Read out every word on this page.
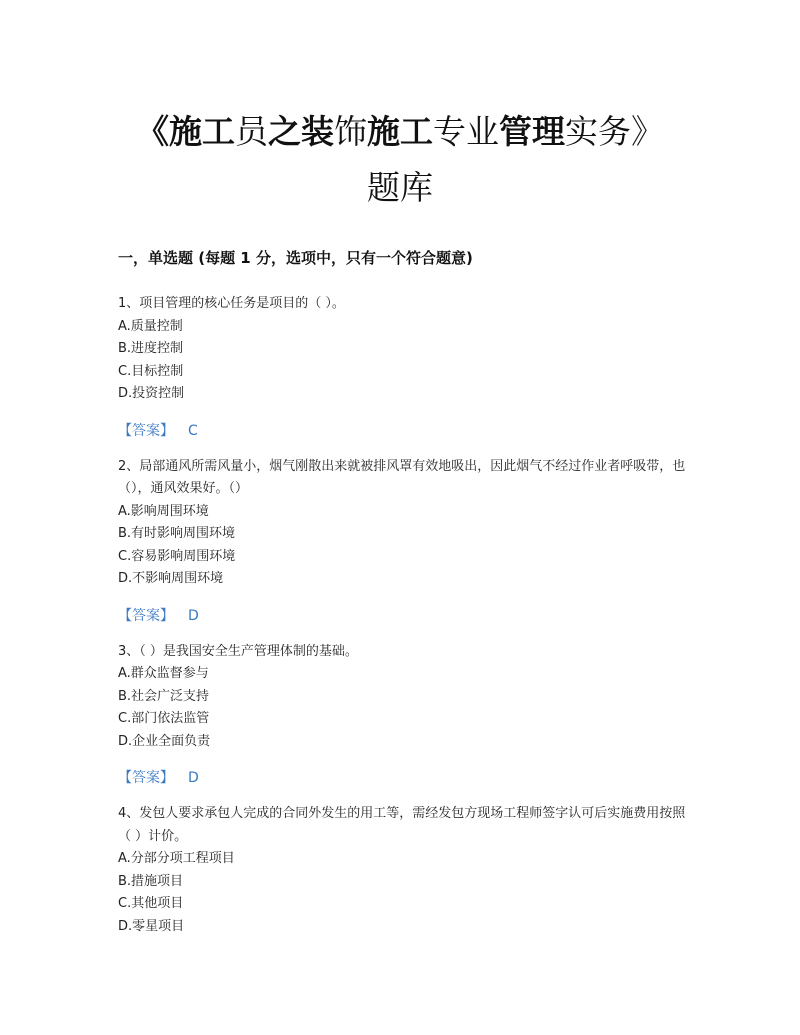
《施工员之装饰施工专业管理实务》
题库
一，单选题 (每题 1 分，选项中，只有一个符合题意)
1、项目管理的核心任务是项目的（ ）。
A.质量控制
B.进度控制
C.目标控制
D.投资控制
【答案】 C
2、局部通风所需风量小，烟气刚散出来就被排风罩有效地吸出，因此烟气不经过作业者呼吸带，也（），通风效果好。（）
A.影响周围环境
B.有时影响周围环境
C.容易影响周围环境
D.不影响周围环境
【答案】 D
3、（ ）是我国安全生产管理体制的基础。
A.群众监督参与
B.社会广泛支持
C.部门依法监管
D.企业全面负责
【答案】 D
4、发包人要求承包人完成的合同外发生的用工等，需经发包方现场工程师签字认可后实施费用按照（ ）计价。
A.分部分项工程项目
B.措施项目
C.其他项目
D.零星项目
